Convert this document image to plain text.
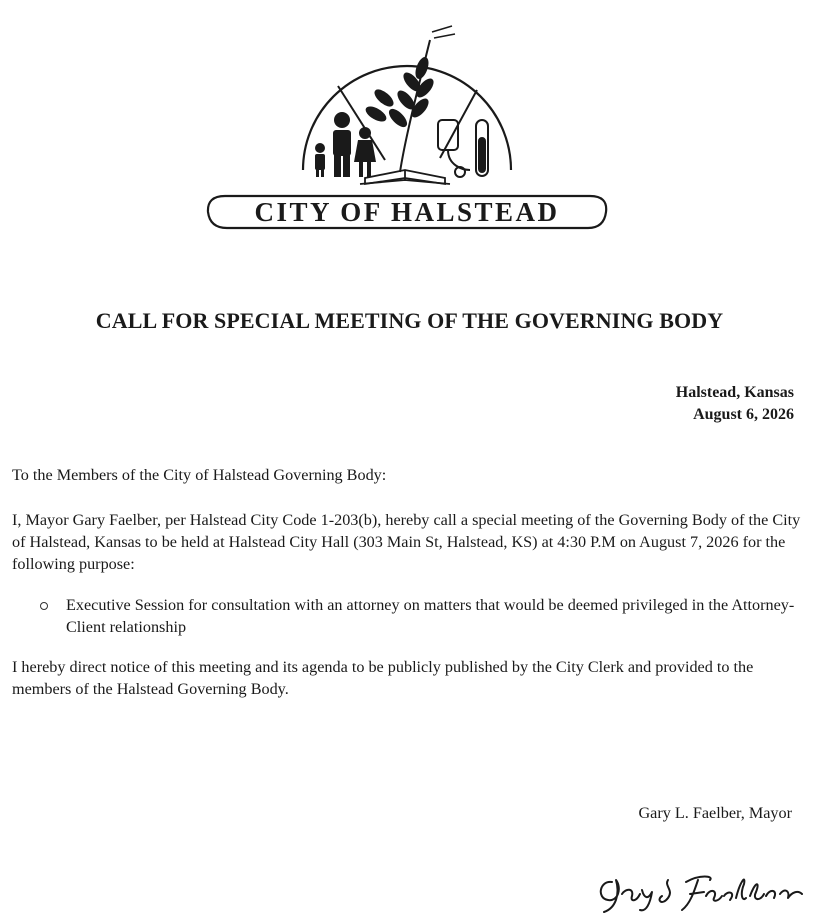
CITY OF HALSTEAD
CALL FOR SPECIAL MEETING OF THE GOVERNING BODY
Halstead, Kansas
August 6, 2026
To the Members of the City of Halstead Governing Body:
I, Mayor Gary Faelber, per Halstead City Code 1-203(b), hereby call a special meeting of the Governing Body of the City of Halstead, Kansas to be held at Halstead City Hall (303 Main St, Halstead, KS) at 4:30 P.M on August 7, 2026 for the following purpose:
Executive Session for consultation with an attorney on matters that would be deemed privileged in the Attorney-Client relationship
I hereby direct notice of this meeting and its agenda to be publicly published by the City Clerk and provided to the members of the Halstead Governing Body.
Gary L. Faelber, Mayor
